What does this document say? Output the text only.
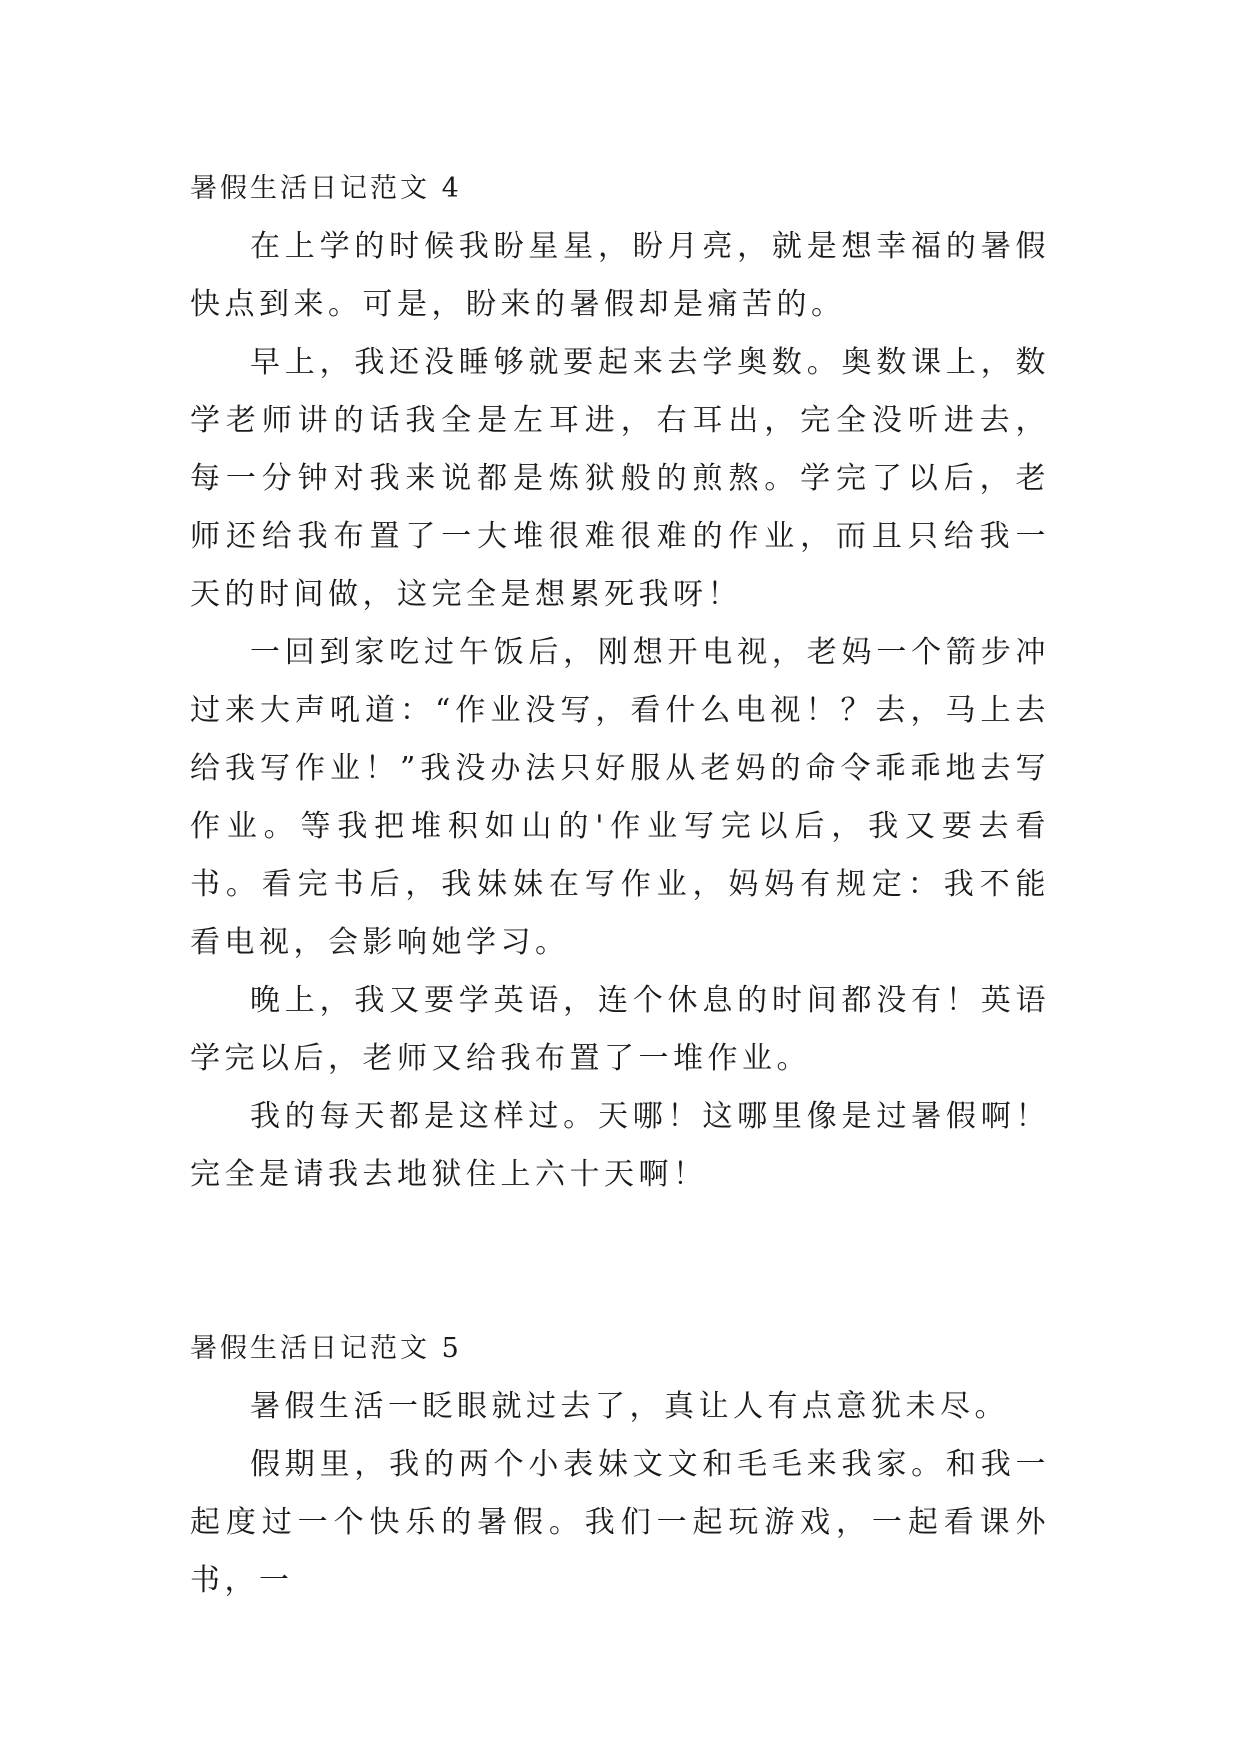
暑假生活日记范文 4

在上学的时候我盼星星，盼月亮，就是想幸福的暑假快点到来。可是，盼来的暑假却是痛苦的。

早上，我还没睡够就要起来去学奥数。奥数课上，数学老师讲的话我全是左耳进，右耳出，完全没听进去，每一分钟对我来说都是炼狱般的煎熬。学完了以后，老师还给我布置了一大堆很难很难的作业，而且只给我一天的时间做，这完全是想累死我呀！

一回到家吃过午饭后，刚想开电视，老妈一个箭步冲过来大声吼道：“作业没写，看什么电视！？去，马上去给我写作业！”我没办法只好服从老妈的命令乖乖地去写作业。等我把堆积如山的'作业写完以后，我又要去看书。看完书后，我妹妹在写作业，妈妈有规定：我不能看电视，会影响她学习。

晚上，我又要学英语，连个休息的时间都没有！英语学完以后，老师又给我布置了一堆作业。

我的每天都是这样过。天哪！这哪里像是过暑假啊！完全是请我去地狱住上六十天啊！

暑假生活日记范文 5

暑假生活一眨眼就过去了，真让人有点意犹未尽。

假期里，我的两个小表妹文文和毛毛来我家。和我一起度过一个快乐的暑假。我们一起玩游戏，一起看课外书，一
